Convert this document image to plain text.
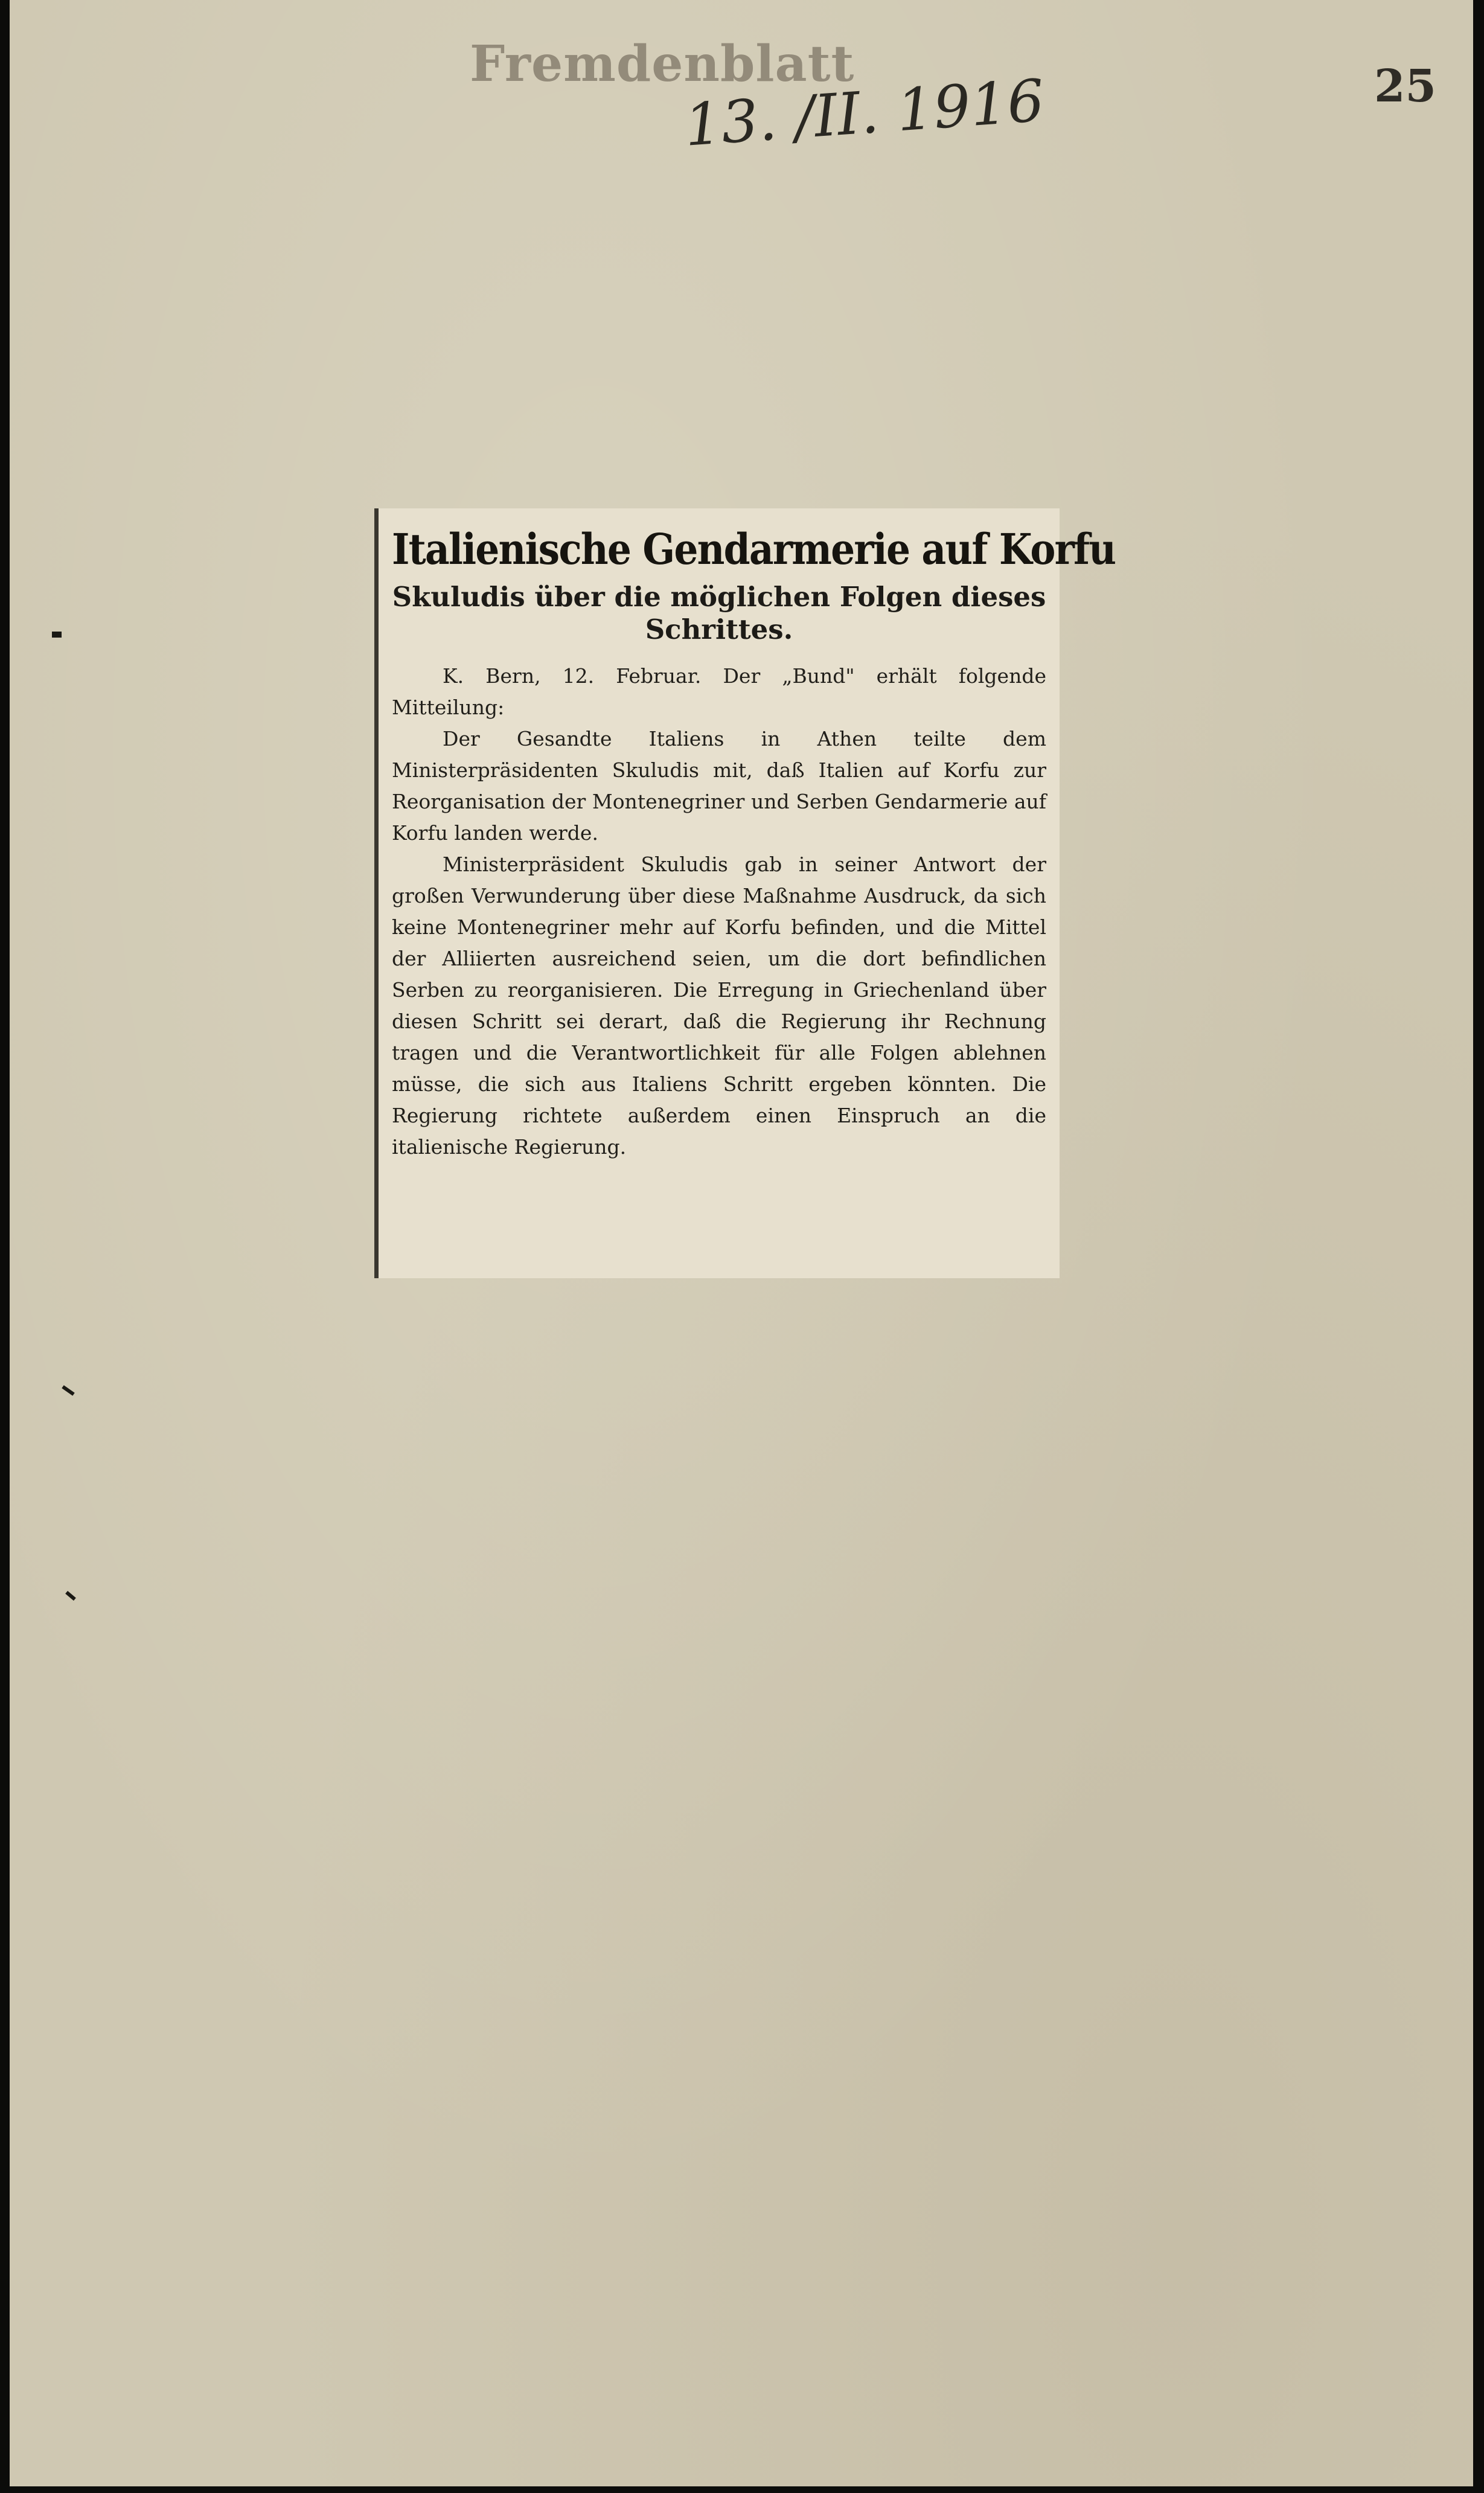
Fremdenblatt
13. /II. 1916	25
Italienische Gendarmerie auf Korfu
Skuludis über die möglichen Folgen dieses Schrittes.

K. Bern, 12. Februar. Der „Bund" erhält folgende Mitteilung:

Der Gesandte Italiens in Athen teilte dem Ministerpräsidenten Skuludis mit, daß Italien auf Korfu zur Reorganisation der Montenegriner und Serben Gendarmerie auf Korfu landen werde.

Ministerpräsident Skuludis gab in seiner Antwort der großen Verwunderung über diese Maßnahme Ausdruck, da sich keine Montenegriner mehr auf Korfu befinden, und die Mittel der Alliierten ausreichend seien, um die dort befindlichen Serben zu reorganisieren. Die Erregung in Griechenland über diesen Schritt sei derart, daß die Regierung ihr Rechnung tragen und die Verantwortlichkeit für alle Folgen ablehnen müsse, die sich aus Italiens Schritt ergeben könnten. Die Regierung richtete außerdem einen Einspruch an die italienische Regierung.
